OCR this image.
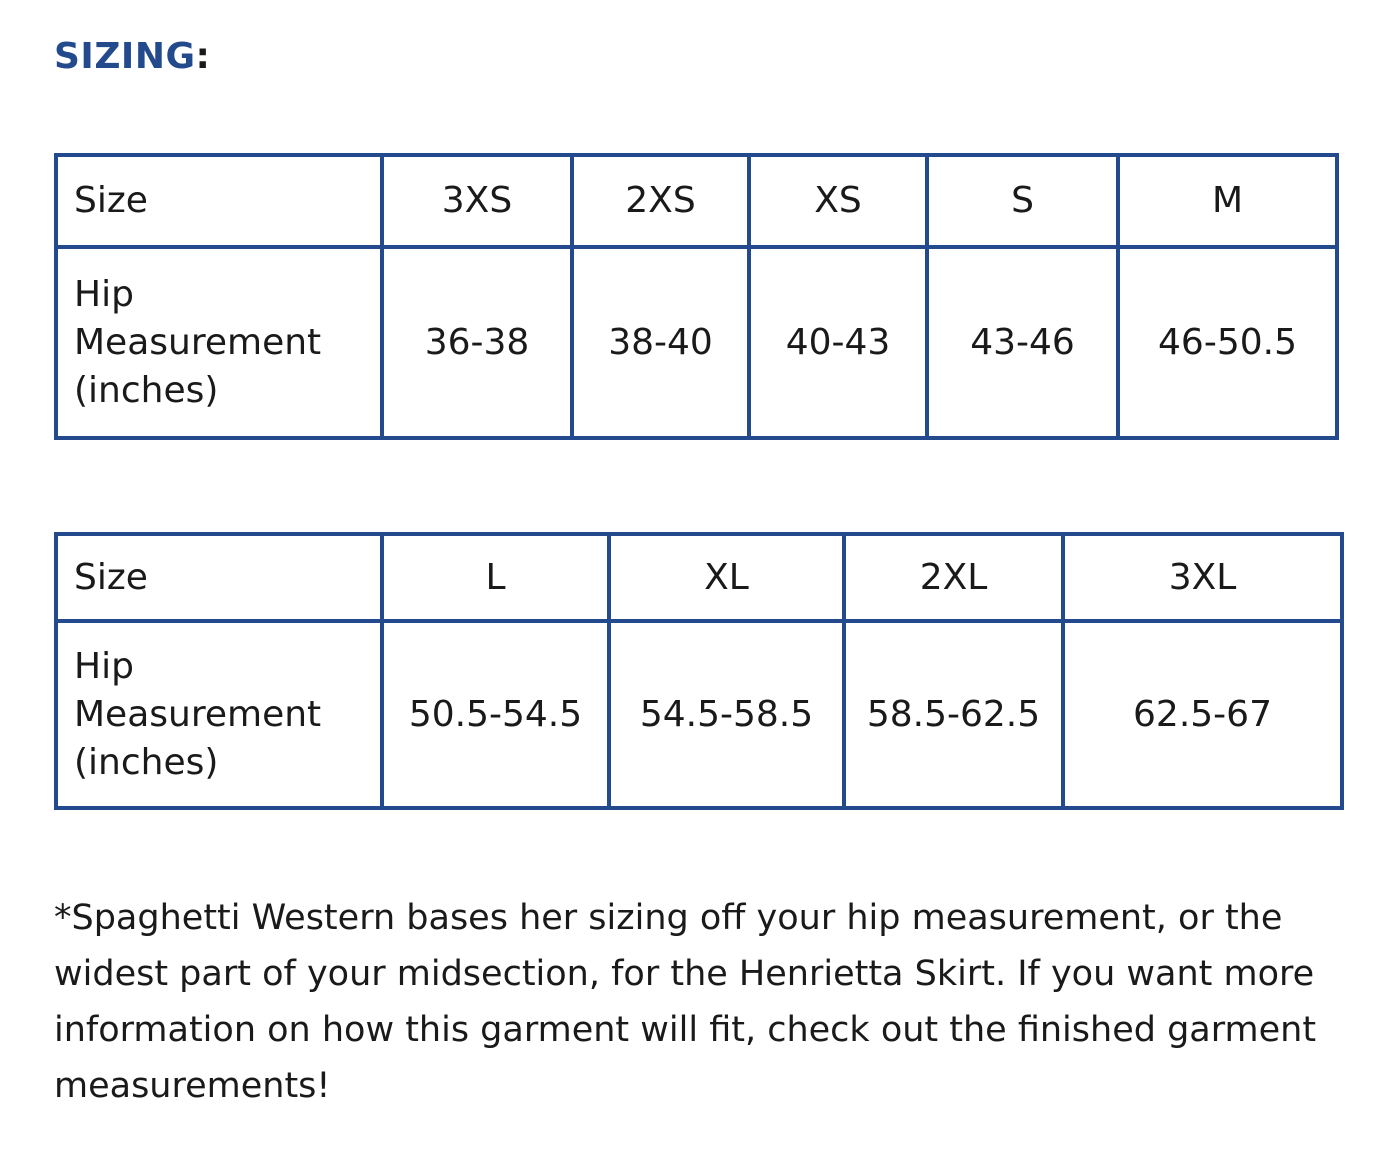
SIZING:
Size	3XS	2XS	XS	S	M
Hip
Measurement
(inches)	36-38	38-40	40-43	43-46	46-50.5
Size	L	XL	2XL	3XL
Hip
Measurement
(inches)	50.5-54.5	54.5-58.5	58.5-62.5	62.5-67

*Spaghetti Western bases her sizing off your hip measurement, or the widest part of your midsection, for the Henrietta Skirt. If you want more information on how this garment will fit, check out the finished garment measurements!
